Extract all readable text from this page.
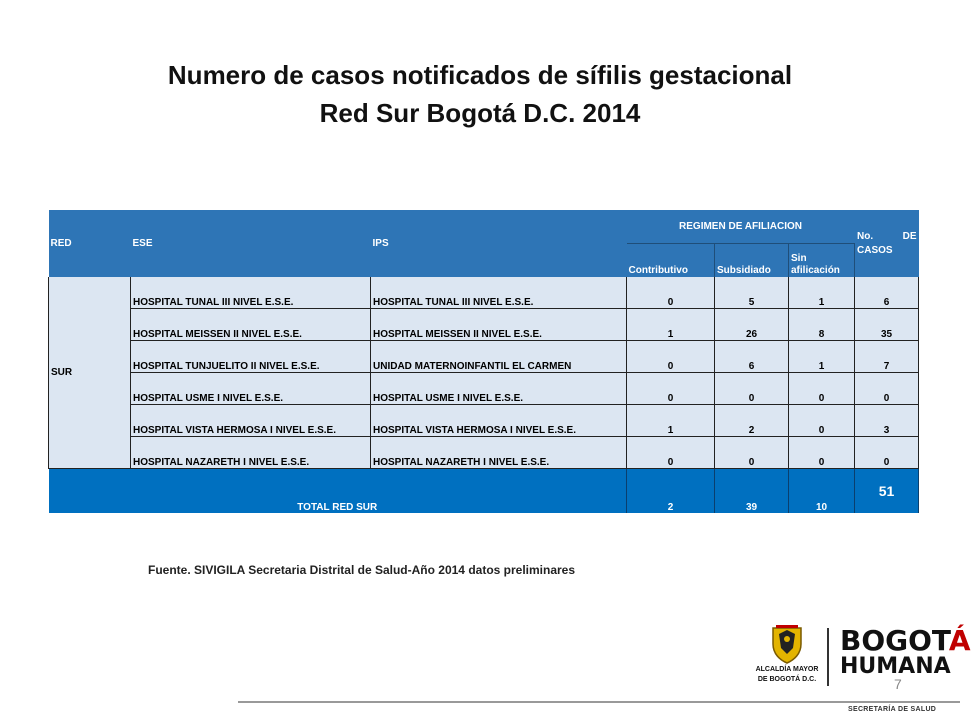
Numero de casos notificados de sífilis gestacional
Red Sur Bogotá D.C. 2014
RED	ESE	IPS	REGIMEN DE AFILIACION			No. DE

CASOS
			Contributivo	Subsidiado	Sin afilicación	
SUR	HOSPITAL TUNAL III NIVEL E.S.E.	HOSPITAL TUNAL III NIVEL E.S.E.	0	5	1	6
	HOSPITAL MEISSEN II NIVEL E.S.E.	HOSPITAL MEISSEN II NIVEL E.S.E.	1	26	8	35
	HOSPITAL TUNJUELITO II NIVEL E.S.E.	UNIDAD MATERNOINFANTIL EL CARMEN	0	6	1	7
	HOSPITAL USME I NIVEL E.S.E.	HOSPITAL USME I NIVEL E.S.E.	0	0	0	0
	HOSPITAL VISTA HERMOSA I NIVEL E.S.E.	HOSPITAL VISTA HERMOSA I NIVEL E.S.E.	1	2	0	3
	HOSPITAL NAZARETH I NIVEL E.S.E.	HOSPITAL NAZARETH I NIVEL E.S.E.	0	0	0	0
TOTAL RED SUR			2	39	10	51
Fuente. SIVIGILA Secretaria Distrital de Salud-Año 2014 datos preliminares
ALCALDÍA MAYOR
DE BOGOTÁ D.C.
BOGOTÁ
HUMANA
7
SECRETARÍA DE SALUD
